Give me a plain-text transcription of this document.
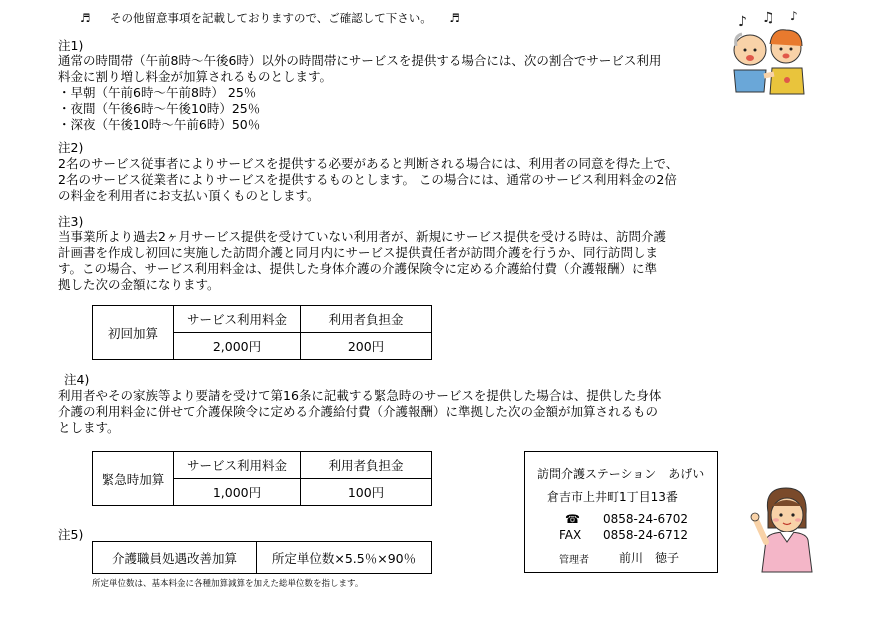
♬ その他留意事項を記載しておりますので、ご確認して下さい。 ♬	♪ ♫ ♪
注1)
通常の時間帯（午前8時～午後6時）以外の時間帯にサービスを提供する場合には、次の割合でサービス利用
料金に割り増し料金が加算されるものとします。
・早朝（午前6時～午前8時） 25％
・夜間（午後6時～午後10時）25％
・深夜（午後10時～午前6時）50％
注2)
2名のサービス従事者によりサービスを提供する必要があると判断される場合には、利用者の同意を得た上で、
2名のサービス従業者によりサービスを提供するものとします。 この場合には、通常のサービス利用料金の2倍
の料金を利用者にお支払い頂くものとします。
注3)
当事業所より過去2ヶ月サービス提供を受けていない利用者が、新規にサービス提供を受ける時は、訪問介護
計画書を作成し初回に実施した訪問介護と同月内にサービス提供責任者が訪問介護を行うか、同行訪問しま
す。この場合、サービス利用料金は、提供した身体介護の介護保険令に定める介護給付費（介護報酬）に準
拠した次の金額になります。
初回加算	サービス利用料金	利用者負担金
	2,000円	200円
注4)
利用者やその家族等より要請を受けて第16条に記載する緊急時のサービスを提供した場合は、提供した身体
介護の利用料金に併せて介護保険令に定める介護給付費（介護報酬）に準拠した次の金額が加算されるもの
とします。
緊急時加算	サービス利用料金	利用者負担金
	1,000円	100円
注5)
介護職員処遇改善加算	所定単位数×5.5％×90％
所定単位数は、基本料金に各種加算減算を加えた総単位数を指します。
訪問介護ステーション　あげい
倉吉市上井町1丁目13番
☎ 0858-24-6702
FAX 0858-24-6712
管理者	前川　徳子
